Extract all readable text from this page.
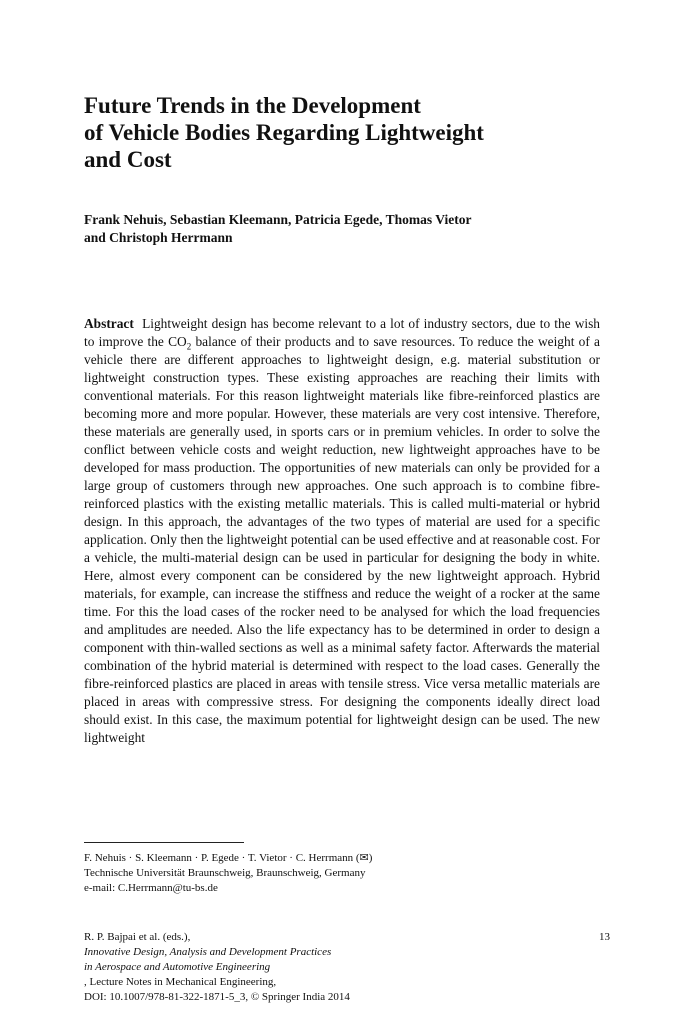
Future Trends in the Development
of Vehicle Bodies Regarding Lightweight
and Cost
Frank Nehuis, Sebastian Kleemann, Patricia Egede, Thomas Vietor
and Christoph Herrmann

Abstract Lightweight design has become relevant to a lot of industry sectors, due to the wish to improve the $CO_2$ balance of their products and to save resources. To reduce the weight of a vehicle there are different approaches to lightweight design, e.g. material substitution or lightweight construction types. These existing approaches are reaching their limits with conventional materials. For this reason lightweight materials like fibre-reinforced plastics are becoming more and more popular. However, these materials are very cost intensive. Therefore, these materials are generally used, in sports cars or in premium vehicles. In order to solve the conflict between vehicle costs and weight reduction, new lightweight approaches have to be developed for mass production. The opportunities of new materials can only be provided for a large group of customers through new approaches. One such approach is to combine fibre-reinforced plastics with the existing metallic materials. This is called multi-material or hybrid design. In this approach, the advantages of the two types of material are used for a specific application. Only then the lightweight potential can be used effective and at reasonable cost. For a vehicle, the multi-material design can be used in particular for designing the body in white. Here, almost every component can be considered by the new lightweight approach. Hybrid materials, for example, can increase the stiffness and reduce the weight of a rocker at the same time. For this the load cases of the rocker need to be analysed for which the load frequencies and amplitudes are needed. Also the life expectancy has to be determined in order to design a component with thin-walled sections as well as a minimal safety factor. Afterwards the material combination of the hybrid material is determined with respect to the load cases. Generally the fibre-reinforced plastics are placed in areas with tensile stress. Vice versa metallic materials are placed in areas with compressive stress. For designing the components ideally direct load should exist. In this case, the maximum potential for lightweight design can be used. The new lightweight

F. Nehuis · S. Kleemann · P. Egede · T. Vietor · C. Herrmann (✉)
Technische Universität Braunschweig, Braunschweig, Germany
e-mail: C.Herrmann@tu-bs.de
R. P. Bajpai et al. (eds.),
Innovative Design, Analysis and Development Practices
in Aerospace and Automotive Engineering
, Lecture Notes in Mechanical Engineering,
DOI: 10.1007/978-81-322-1871-5_3, © Springer India 2014
13
